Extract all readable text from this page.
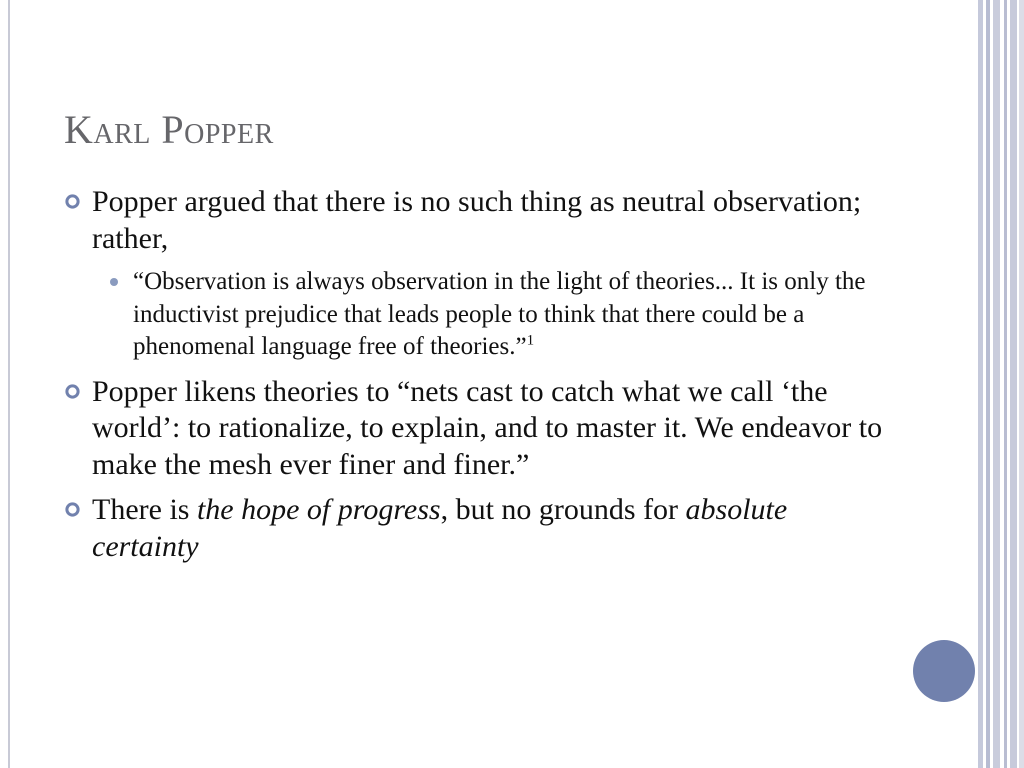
Karl Popper
Popper argued that there is no such thing as neutral observation; rather,
“Observation is always observation in the light of theories... It is only the inductivist prejudice that leads people to think that there could be a phenomenal language free of theories.”$^1$
Popper likens theories to “nets cast to catch what we call ‘the world’: to rationalize, to explain, and to master it. We endeavor to make the mesh ever finer and finer.”
There is the hope of progress, but no grounds for absolute certainty
